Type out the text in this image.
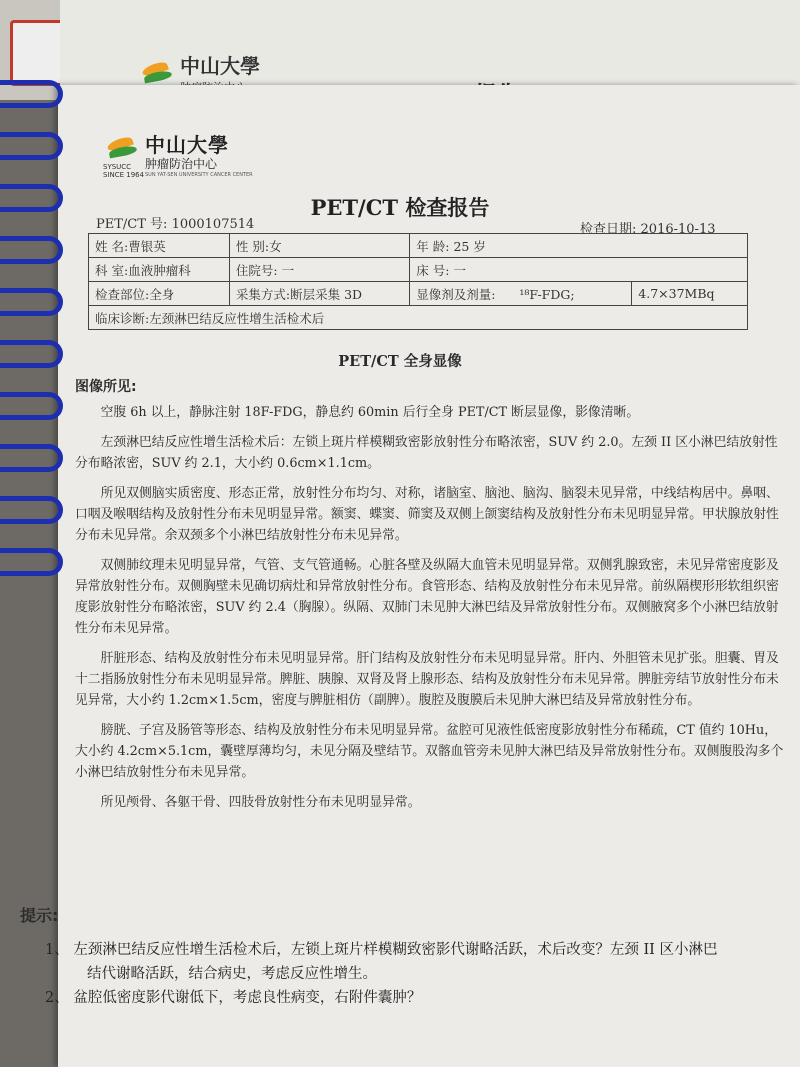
中山大學
中山大學
肿瘤防治中心
SUN YAT-SEN UNIVERSITY CANCER CENTER
SYSUCC
SINCE 1964
PET/CT 检查报告
PET/CT 号: 1000107514	检查日期: 2016-10-13
姓 名:曹银英	性 别:女	年 龄: 25 岁	
科 室:血液肿瘤科	住院号: 一	床 号: 一	
检查部位:全身	采集方式:断层采集 3D	显像剂及剂量: ¹⁸F-FDG;	4.7×37MBq
临床诊断:左颈淋巴结反应性增生活检术后			
PET/CT 全身显像
图像所见:

空腹 6h 以上，静脉注射 18F-FDG，静息约 60min 后行全身 PET/CT 断层显像，影像清晰。

左颈淋巴结反应性增生活检术后：左锁上斑片样模糊致密影放射性分布略浓密，SUV 约 2.0。左颈 II 区小淋巴结放射性分布略浓密，SUV 约 2.1，大小约 0.6cm×1.1cm。

所见双侧脑实质密度、形态正常，放射性分布均匀、对称，诸脑室、脑池、脑沟、脑裂未见异常，中线结构居中。鼻咽、口咽及喉咽结构及放射性分布未见明显异常。额窦、蝶窦、筛窦及双侧上颌窦结构及放射性分布未见明显异常。甲状腺放射性分布未见异常。余双颈多个小淋巴结放射性分布未见异常。

双侧肺纹理未见明显异常，气管、支气管通畅。心脏各壁及纵隔大血管未见明显异常。双侧乳腺致密，未见异常密度影及异常放射性分布。双侧胸壁未见确切病灶和异常放射性分布。食管形态、结构及放射性分布未见异常。前纵隔楔形形软组织密度影放射性分布略浓密，SUV 约 2.4（胸腺）。纵隔、双肺门未见肿大淋巴结及异常放射性分布。双侧腋窝多个小淋巴结放射性分布未见异常。

肝脏形态、结构及放射性分布未见明显异常。肝门结构及放射性分布未见明显异常。肝内、外胆管未见扩张。胆囊、胃及十二指肠放射性分布未见明显异常。脾脏、胰腺、双肾及肾上腺形态、结构及放射性分布未见异常。脾脏旁结节放射性分布未见异常，大小约 1.2cm×1.5cm，密度与脾脏相仿（副脾）。腹腔及腹膜后未见肿大淋巴结及异常放射性分布。

膀胱、子宫及肠管等形态、结构及放射性分布未见明显异常。盆腔可见液性低密度影放射性分布稀疏，CT 值约 10Hu，大小约 4.2cm×5.1cm，囊壁厚薄均匀，未见分隔及壁结节。双髂血管旁未见肿大淋巴结及异常放射性分布。双侧腹股沟多个小淋巴结放射性分布未见异常。

所见颅骨、各躯干骨、四肢骨放射性分布未见明显异常。

提示:
1、 左颈淋巴结反应性增生活检术后，左锁上斑片样模糊致密影代谢略活跃，术后改变？左颈 II 区小淋巴
结代谢略活跃，结合病史，考虑反应性增生。
2、 盆腔低密度影代谢低下，考虑良性病变，右附件囊肿？
